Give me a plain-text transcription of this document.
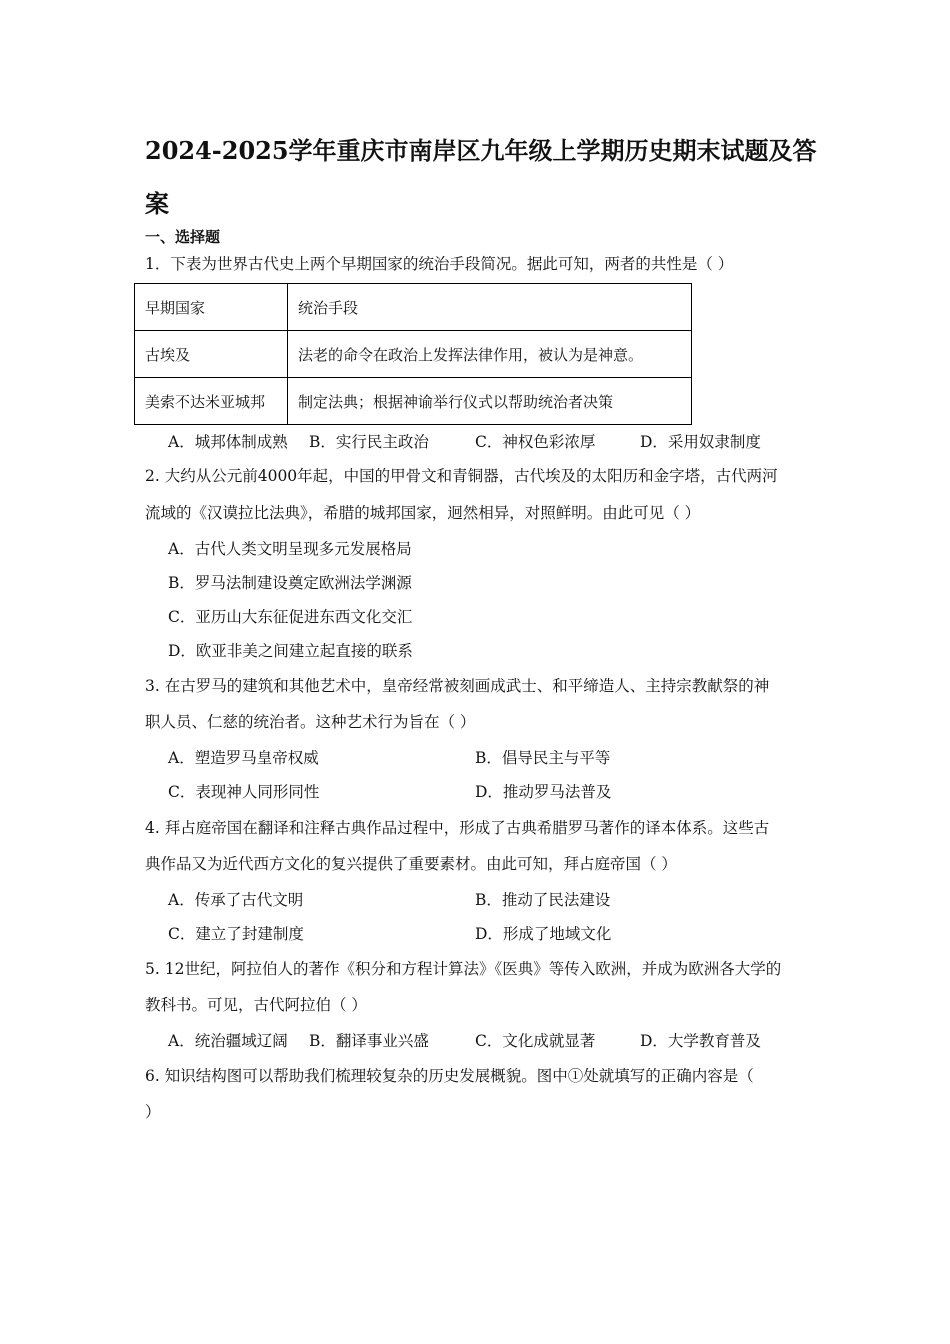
2024-2025学年重庆市南岸区九年级上学期历史期末试题及答案
一、选择题
1．下表为世界古代史上两个早期国家的统治手段简况。据此可知，两者的共性是（ ）
早期国家	统治手段
古埃及	法老的命令在政治上发挥法律作用，被认为是神意。
美索不达米亚城邦	制定法典；根据神谕举行仪式以帮助统治者决策
A．城邦体制成熟 B．实行民主政治	C．神权色彩浓厚	D．采用奴隶制度
2. 大约从公元前4000年起，中国的甲骨文和青铜器，古代埃及的太阳历和金字塔，古代两河
流域的《汉谟拉比法典》，希腊的城邦国家，迥然相异，对照鲜明。由此可见（ ）
A．古代人类文明呈现多元发展格局
B．罗马法制建设奠定欧洲法学渊源
C．亚历山大东征促进东西文化交汇
D．欧亚非美之间建立起直接的联系
3. 在古罗马的建筑和其他艺术中，皇帝经常被刻画成武士、和平缔造人、主持宗教献祭的神
职人员、仁慈的统治者。这种艺术行为旨在（ ）
A．塑造罗马皇帝权威	B．倡导民主与平等
C．表现神人同形同性	D．推动罗马法普及
4. 拜占庭帝国在翻译和注释古典作品过程中，形成了古典希腊罗马著作的译本体系。这些古
典作品又为近代西方文化的复兴提供了重要素材。由此可知，拜占庭帝国（ ）
A．传承了古代文明	B．推动了民法建设
C．建立了封建制度	D．形成了地域文化
5. 12世纪，阿拉伯人的著作《积分和方程计算法》《医典》等传入欧洲，并成为欧洲各大学的
教科书。可见，古代阿拉伯（ ）
A．统治疆域辽阔 B．翻译事业兴盛	C．文化成就显著	D．大学教育普及
6. 知识结构图可以帮助我们梳理较复杂的历史发展概貌。图中①处就填写的正确内容是（
）
